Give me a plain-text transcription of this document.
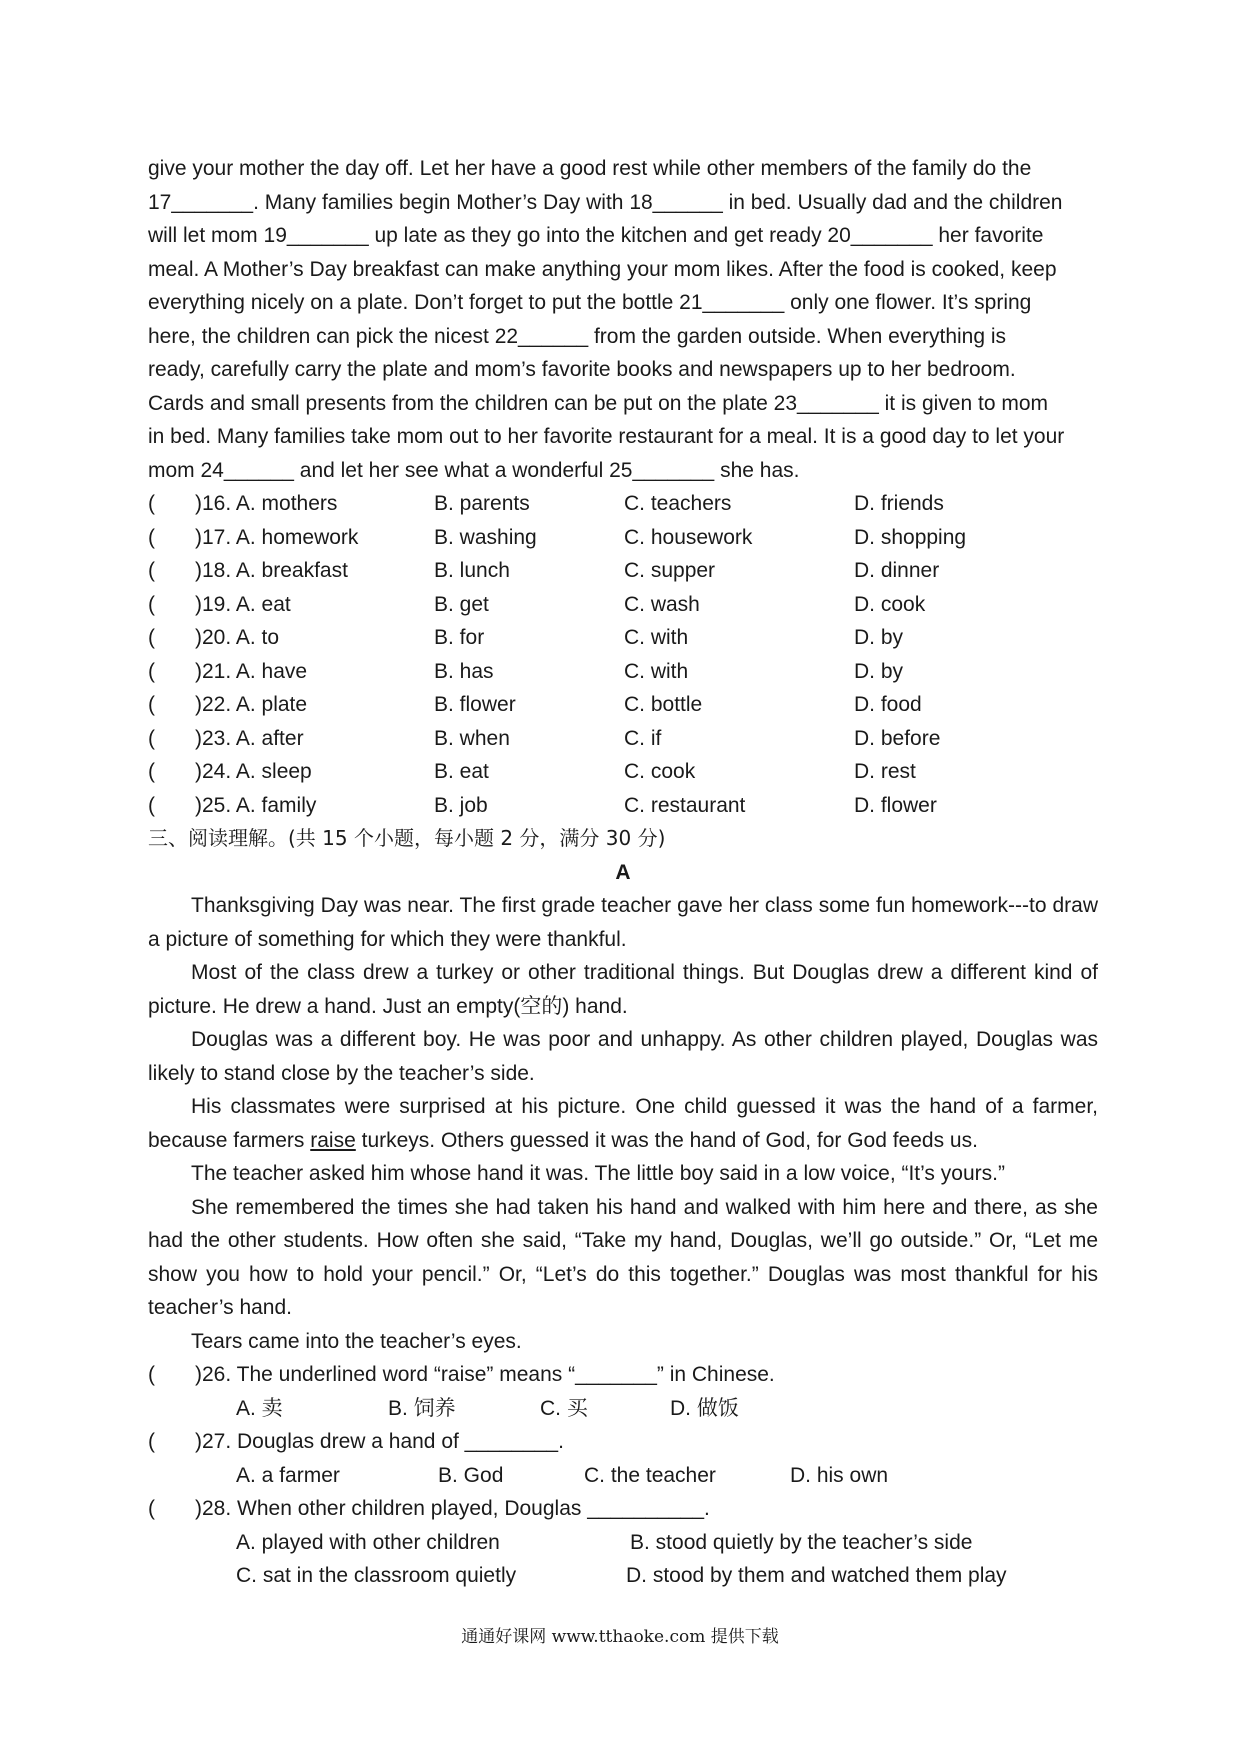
give your mother the day off. Let her have a good rest while other members of the family do the

17_______. Many families begin Mother’s Day with 18______ in bed. Usually dad and the children

will let mom 19_______ up late as they go into the kitchen and get ready 20_______ her favorite

meal. A Mother’s Day breakfast can make anything your mom likes. After the food is cooked, keep

everything nicely on a plate. Don’t forget to put the bottle 21_______ only one flower. It’s spring

here, the children can pick the nicest 22______ from the garden outside. When everything is

ready, carefully carry the plate and mom’s favorite books and newspapers up to her bedroom.

Cards and small presents from the children can be put on the plate 23_______ it is given to mom

in bed. Many families take mom out to her favorite restaurant for a meal. It is a good day to let your

mom 24______ and let her see what a wonderful 25_______ she has.

( )16. A. mothers	B. parents	C. teachers	D. friends
( )17. A. homework	B. washing	C. housework	D. shopping
( )18. A. breakfast	B. lunch	C. supper	D. dinner
( )19. A. eat	B. get	C. wash	D. cook
( )20. A. to	B. for	C. with	D. by
( )21. A. have	B. has	C. with	D. by
( )22. A. plate	B. flower	C. bottle	D. food
( )23. A. after	B. when	C. if	D. before
( )24. A. sleep	B. eat	C. cook	D. rest
( )25. A. family	B. job	C. restaurant	D. flower
三、阅读理解。(共 15 个小题，每小题 2 分，满分 30 分)
A

Thanksgiving Day was near. The first grade teacher gave her class some fun homework---to draw a picture of something for which they were thankful.

Most of the class drew a turkey or other traditional things. But Douglas drew a different kind of picture. He drew a hand. Just an empty(空的) hand.

Douglas was a different boy. He was poor and unhappy. As other children played, Douglas was likely to stand close by the teacher’s side.

His classmates were surprised at his picture. One child guessed it was the hand of a farmer, because farmers raise turkeys. Others guessed it was the hand of God, for God feeds us.

The teacher asked him whose hand it was. The little boy said in a low voice, “It’s yours.”

She remembered the times she had taken his hand and walked with him here and there, as she had the other students. How often she said, “Take my hand, Douglas, we’ll go outside.” Or, “Let me show you how to hold your pencil.” Or, “Let’s do this together.” Douglas was most thankful for his teacher’s hand.

Tears came into the teacher’s eyes.

( )26. The underlined word “raise” means “_______” in Chinese.
A. 卖	B. 饲养	C. 买	D. 做饭
( )27. Douglas drew a hand of ________.
A. a farmer	B. God	C. the teacher	D. his own
( )28. When other children played, Douglas __________.
A. played with other children	B. stood quietly by the teacher’s side
C. sat in the classroom quietly	D. stood by them and watched them play
通通好课网 www.tthaoke.com 提供下载
